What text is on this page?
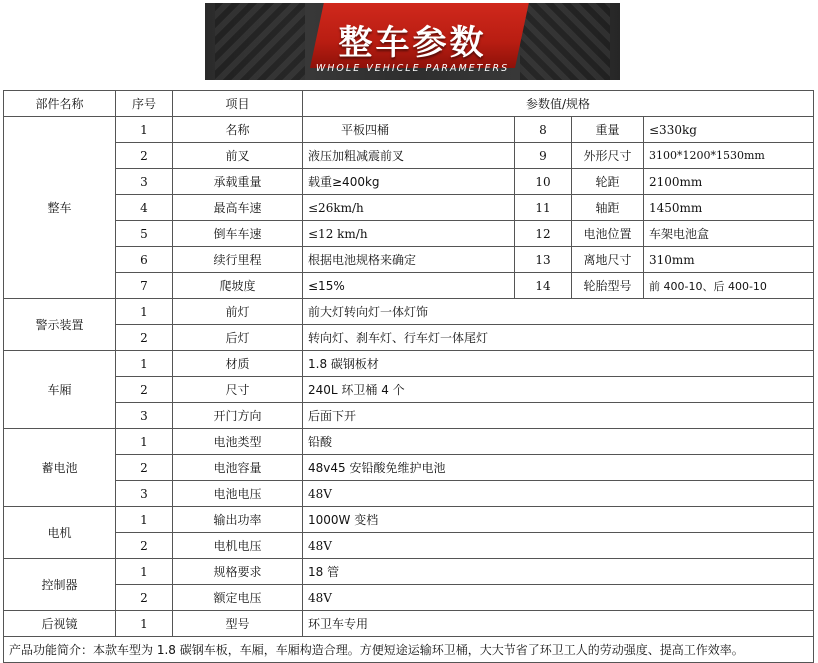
整车参数
WHOLE VEHICLE PARAMETERS
部件名称	序号	项目	参数值/规格			
整车	1	名称	平板四桶	8	重量	≤330kg
	2	前叉	液压加粗减震前叉	9	外形尺寸	3100*1200*1530mm
	3	承载重量	载重≥400kg	10	轮距	2100mm
	4	最高车速	≤26km/h	11	轴距	1450mm
	5	倒车车速	≤12 km/h	12	电池位置	车架电池盒
	6	续行里程	根据电池规格来确定	13	离地尺寸	310mm
	7	爬坡度	≤15%	14	轮胎型号	前 400-10、后 400-10
警示装置	1	前灯	前大灯转向灯一体灯饰			
	2	后灯	转向灯、刹车灯、行车灯一体尾灯			
车厢	1	材质	1.8 碳钢板材			
	2	尺寸	240L 环卫桶 4 个			
	3	开门方向	后面下开			
蓄电池	1	电池类型	铅酸			
	2	电池容量	48v45 安铅酸免维护电池			
	3	电池电压	48V			
电机	1	输出功率	1000W 变档			
	2	电机电压	48V			
控制器	1	规格要求	18 管			
	2	额定电压	48V			
后视镜	1	型号	环卫车专用			
产品功能简介：本款车型为 1.8 碳钢车板，车厢，车厢构造合理。方便短途运输环卫桶，大大节省了环卫工人的劳动强度、提高工作效率。						
